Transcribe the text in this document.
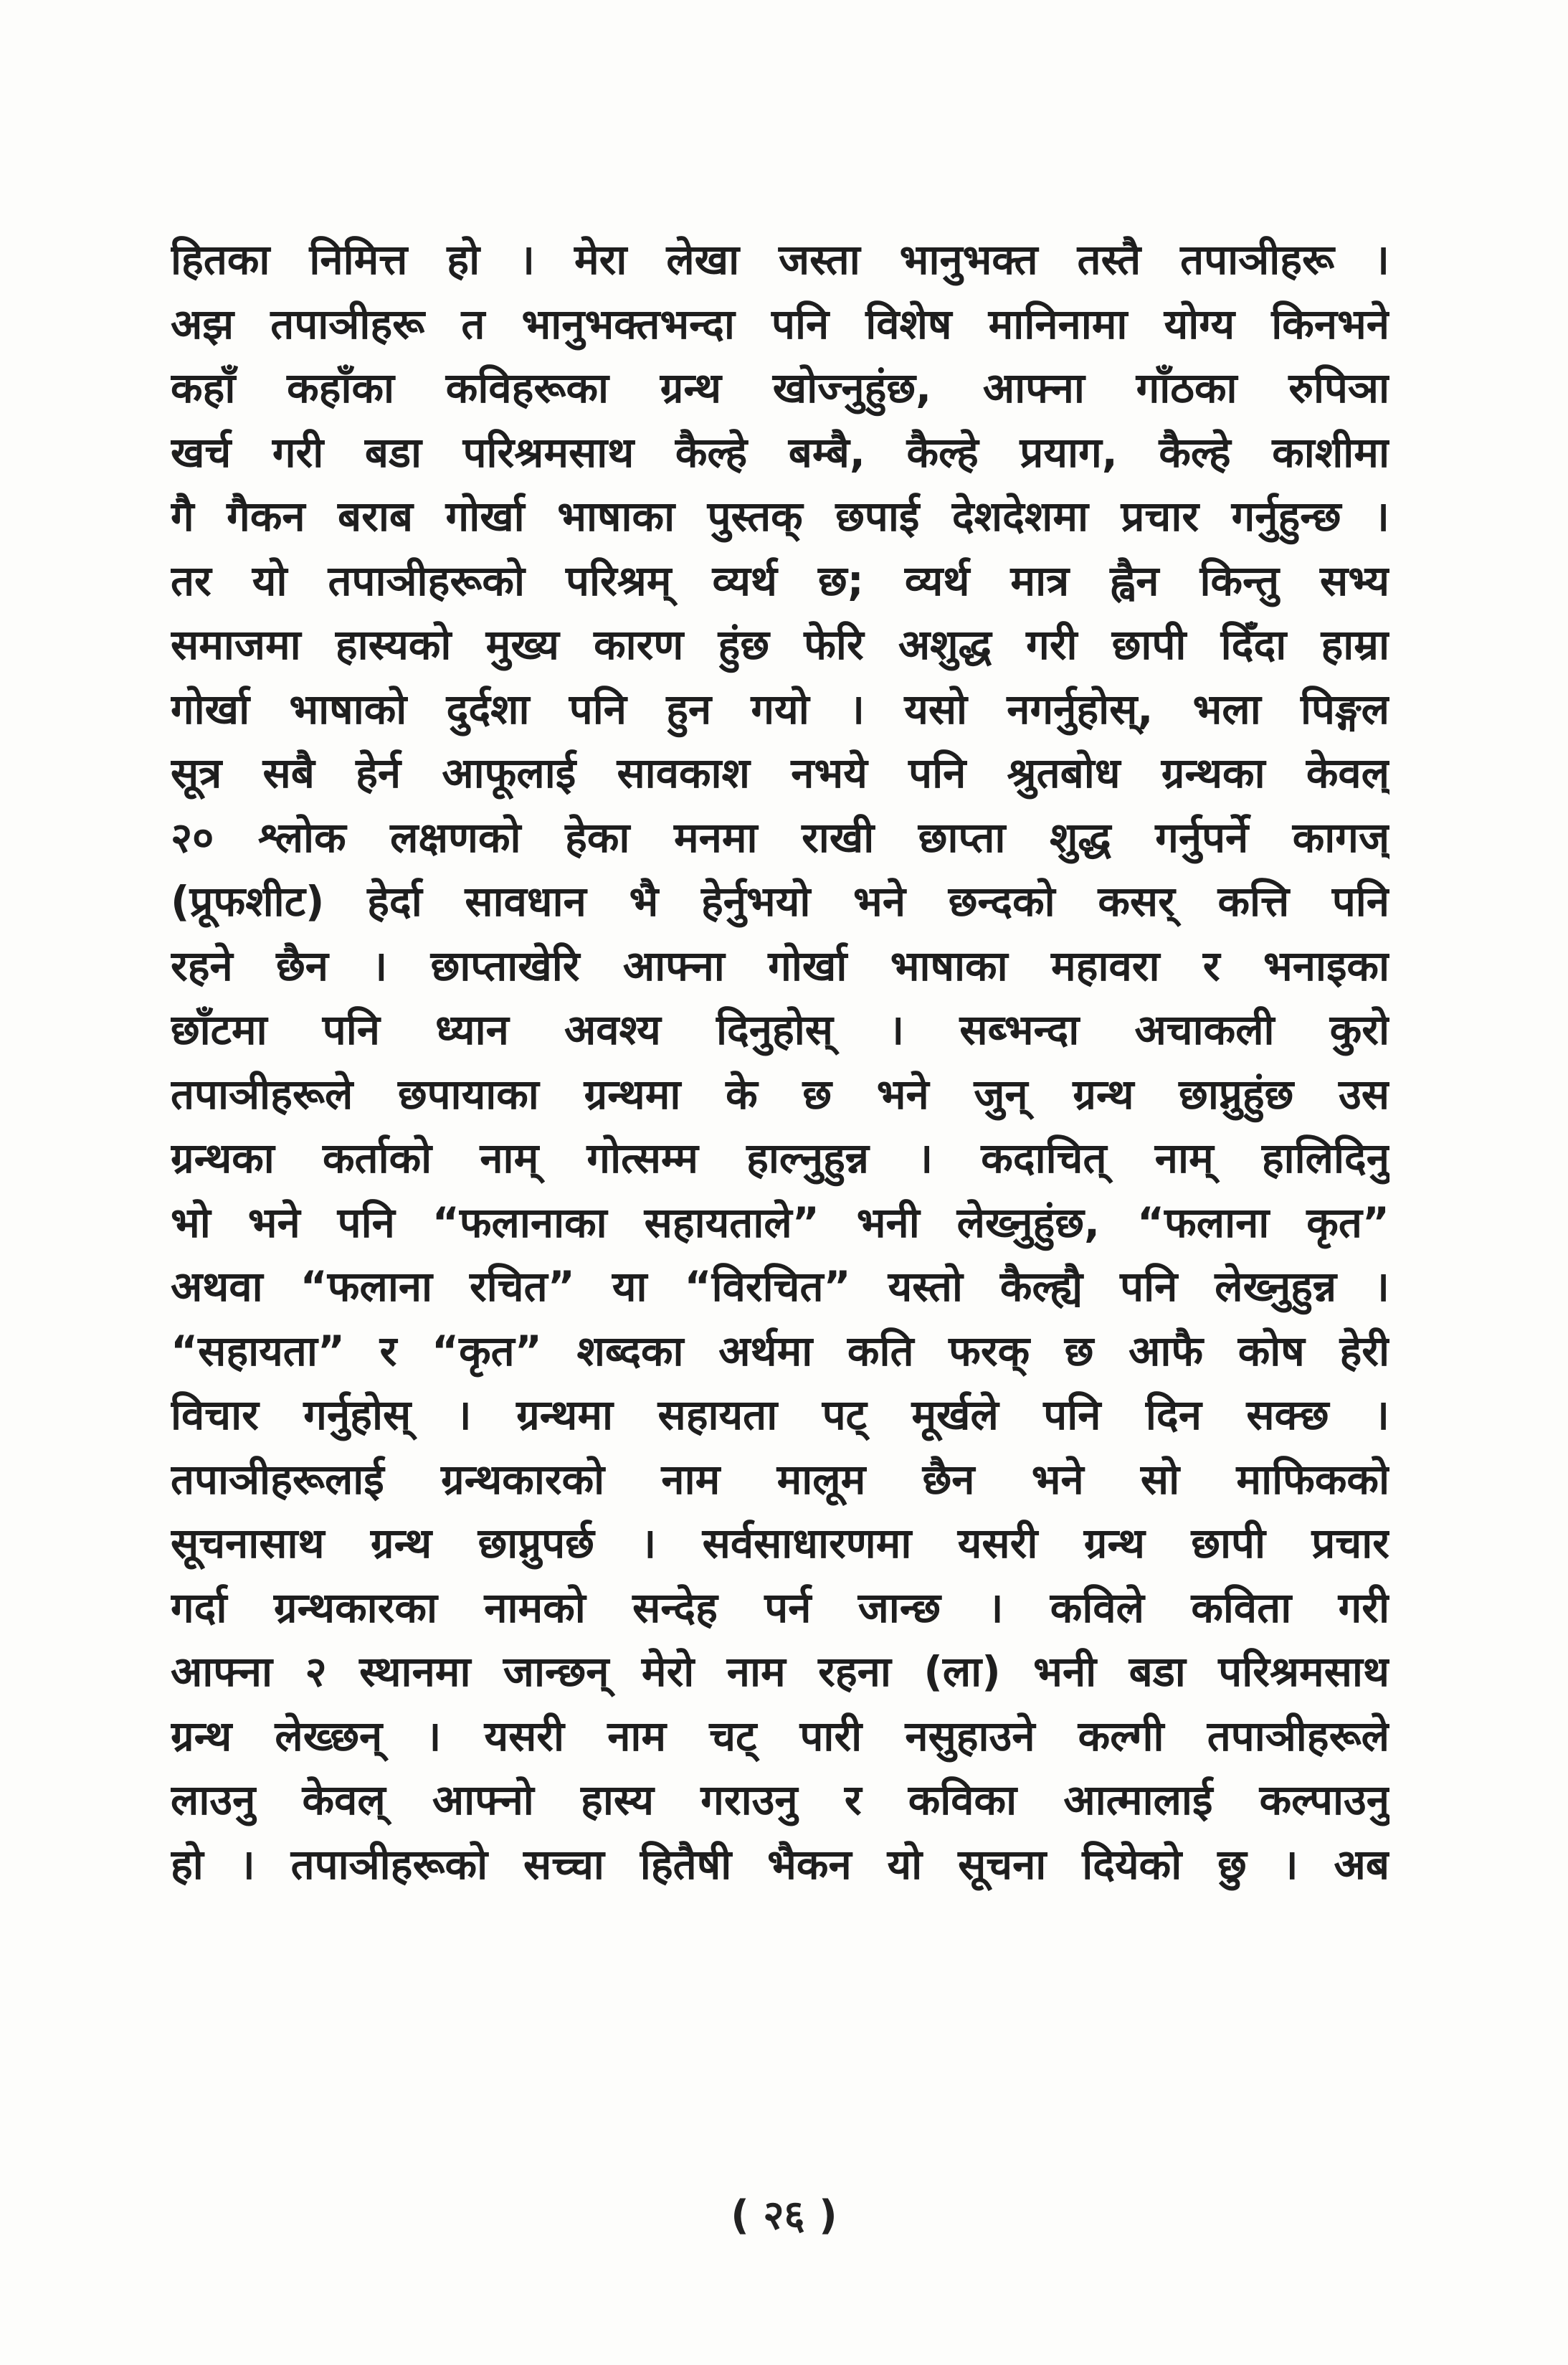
हितका निमित्त हो । मेरा लेखा जस्ता भानुभक्त तस्तै तपाञीहरू ।
अझ तपाञीहरू त भानुभक्तभन्दा पनि विशेष मानिनामा योग्य किनभने
कहाँ कहाँका कविहरूका ग्रन्थ खोज्नुहुंछ, आफ्ना गाँठका रुपिञा
खर्च गरी बडा परिश्रमसाथ कैल्हे बम्बै, कैल्हे प्रयाग, कैल्हे काशीमा
गै गैकन बराब गोर्खा भाषाका पुस्तक् छपाई देशदेशमा प्रचार गर्नुहुन्छ ।
तर यो तपाञीहरूको परिश्रम् व्यर्थ छ; व्यर्थ मात्र ह्वैन किन्तु सभ्य
समाजमा हास्यको मुख्य कारण हुंछ फेरि अशुद्ध गरी छापी दिँदा हाम्रा
गोर्खा भाषाको दुर्दशा पनि हुन गयो । यसो नगर्नुहोस्, भला पिङ्गल
सूत्र सबै हेर्न आफूलाई सावकाश नभये पनि श्रुतबोध ग्रन्थका केवल्
२० श्लोक लक्षणको हेका मनमा राखी छाप्ता शुद्ध गर्नुपर्ने कागज्
(प्रूफशीट) हेर्दा सावधान भै हेर्नुभयो भने छन्दको कसर् कत्ति पनि
रहने छैन । छाप्ताखेरि आफ्ना गोर्खा भाषाका महावरा र भनाइका
छाँटमा पनि ध्यान अवश्य दिनुहोस् । सब्भन्दा अचाकली कुरो
तपाञीहरूले छपायाका ग्रन्थमा के छ भने जुन् ग्रन्थ छाप्नुहुंछ उस
ग्रन्थका कर्ताको नाम् गोत्सम्म हाल्नुहुन्न । कदाचित् नाम् हालिदिनु
भो भने पनि “फलानाका सहायताले” भनी लेख्नुहुंछ, “फलाना कृत”
अथवा “फलाना रचित” या “विरचित” यस्तो कैल्ह्यै पनि लेख्नुहुन्न ।
“सहायता” र “कृत” शब्दका अर्थमा कति फरक् छ आफै कोष हेरी
विचार गर्नुहोस् । ग्रन्थमा सहायता पट् मूर्खले पनि दिन सक्छ ।
तपाञीहरूलाई ग्रन्थकारको नाम मालूम छैन भने सो माफिकको
सूचनासाथ ग्रन्थ छाप्नुपर्छ । सर्वसाधारणमा यसरी ग्रन्थ छापी प्रचार
गर्दा ग्रन्थकारका नामको सन्देह पर्न जान्छ । कविले कविता गरी
आफ्ना २ स्थानमा जान्छन् मेरो नाम रहना (ला) भनी बडा परिश्रमसाथ
ग्रन्थ लेख्छन् । यसरी नाम चट् पारी नसुहाउने कल्गी तपाञीहरूले
लाउनु केवल् आफ्नो हास्य गराउनु र कविका आत्मालाई कल्पाउनु
हो । तपाञीहरूको सच्चा हितैषी भैकन यो सूचना दियेको छु । अब
( २६ )
